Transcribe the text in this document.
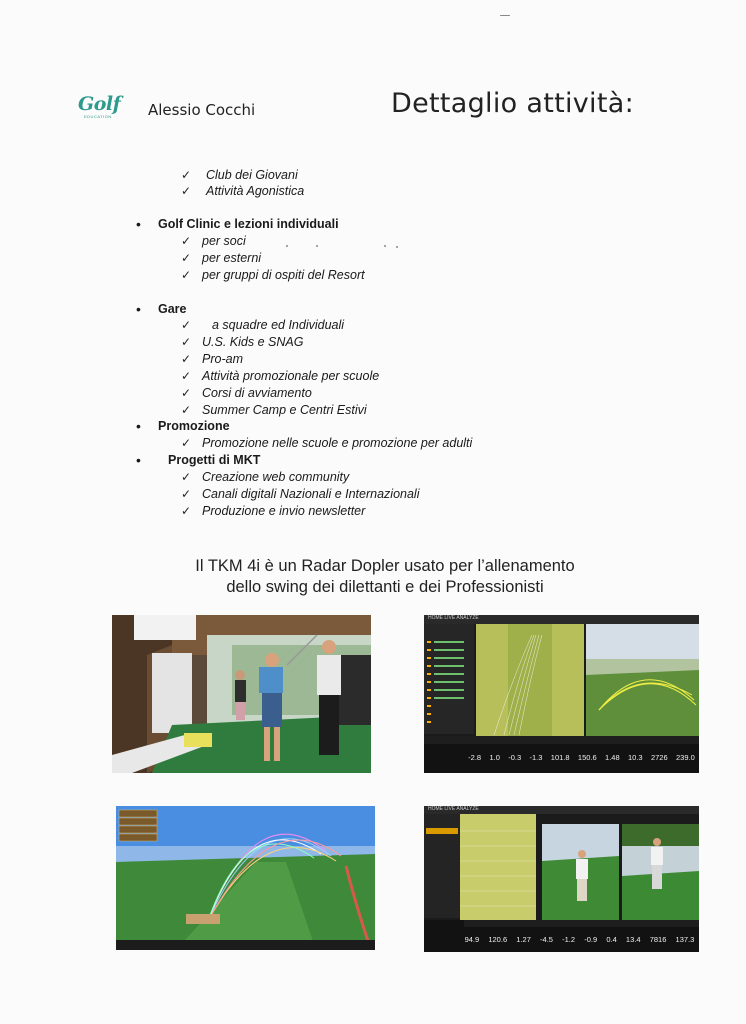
Golf
EDUCATION	Alessio Cocchi	Dettaglio attività:
✓ Club dei Giovani
✓ Attività Agonistica
• Golf Clinic e lezioni individuali
✓ per soci
✓ per esterni
✓ per gruppi di ospiti del Resort
• Gare
✓ a squadre ed Individuali
✓ U.S. Kids e SNAG
✓ Pro-am
✓ Attività promozionale per scuole
✓ Corsi di avviamento
✓ Summer Camp e Centri Estivi
• Promozione
✓ Promozione nelle scuole e promozione per adulti
• Progetti di MKT
✓ Creazione web community
✓ Canali digitali Nazionali e Internazionali
✓ Produzione e invio newsletter
Il TKM 4i è un Radar Dopler usato per l’allenamento
dello swing dei dilettanti e dei Professionisti
HOME LIVE ANALYZE
-2.8 1.0 -0.3 -1.3 101.8 150.6 1.48 10.3 2726 239.0
HOME LIVE ANALYZE
94.9 120.6 1.27 -4.5 -1.2 -0.9 0.4 13.4 7816 137.3
